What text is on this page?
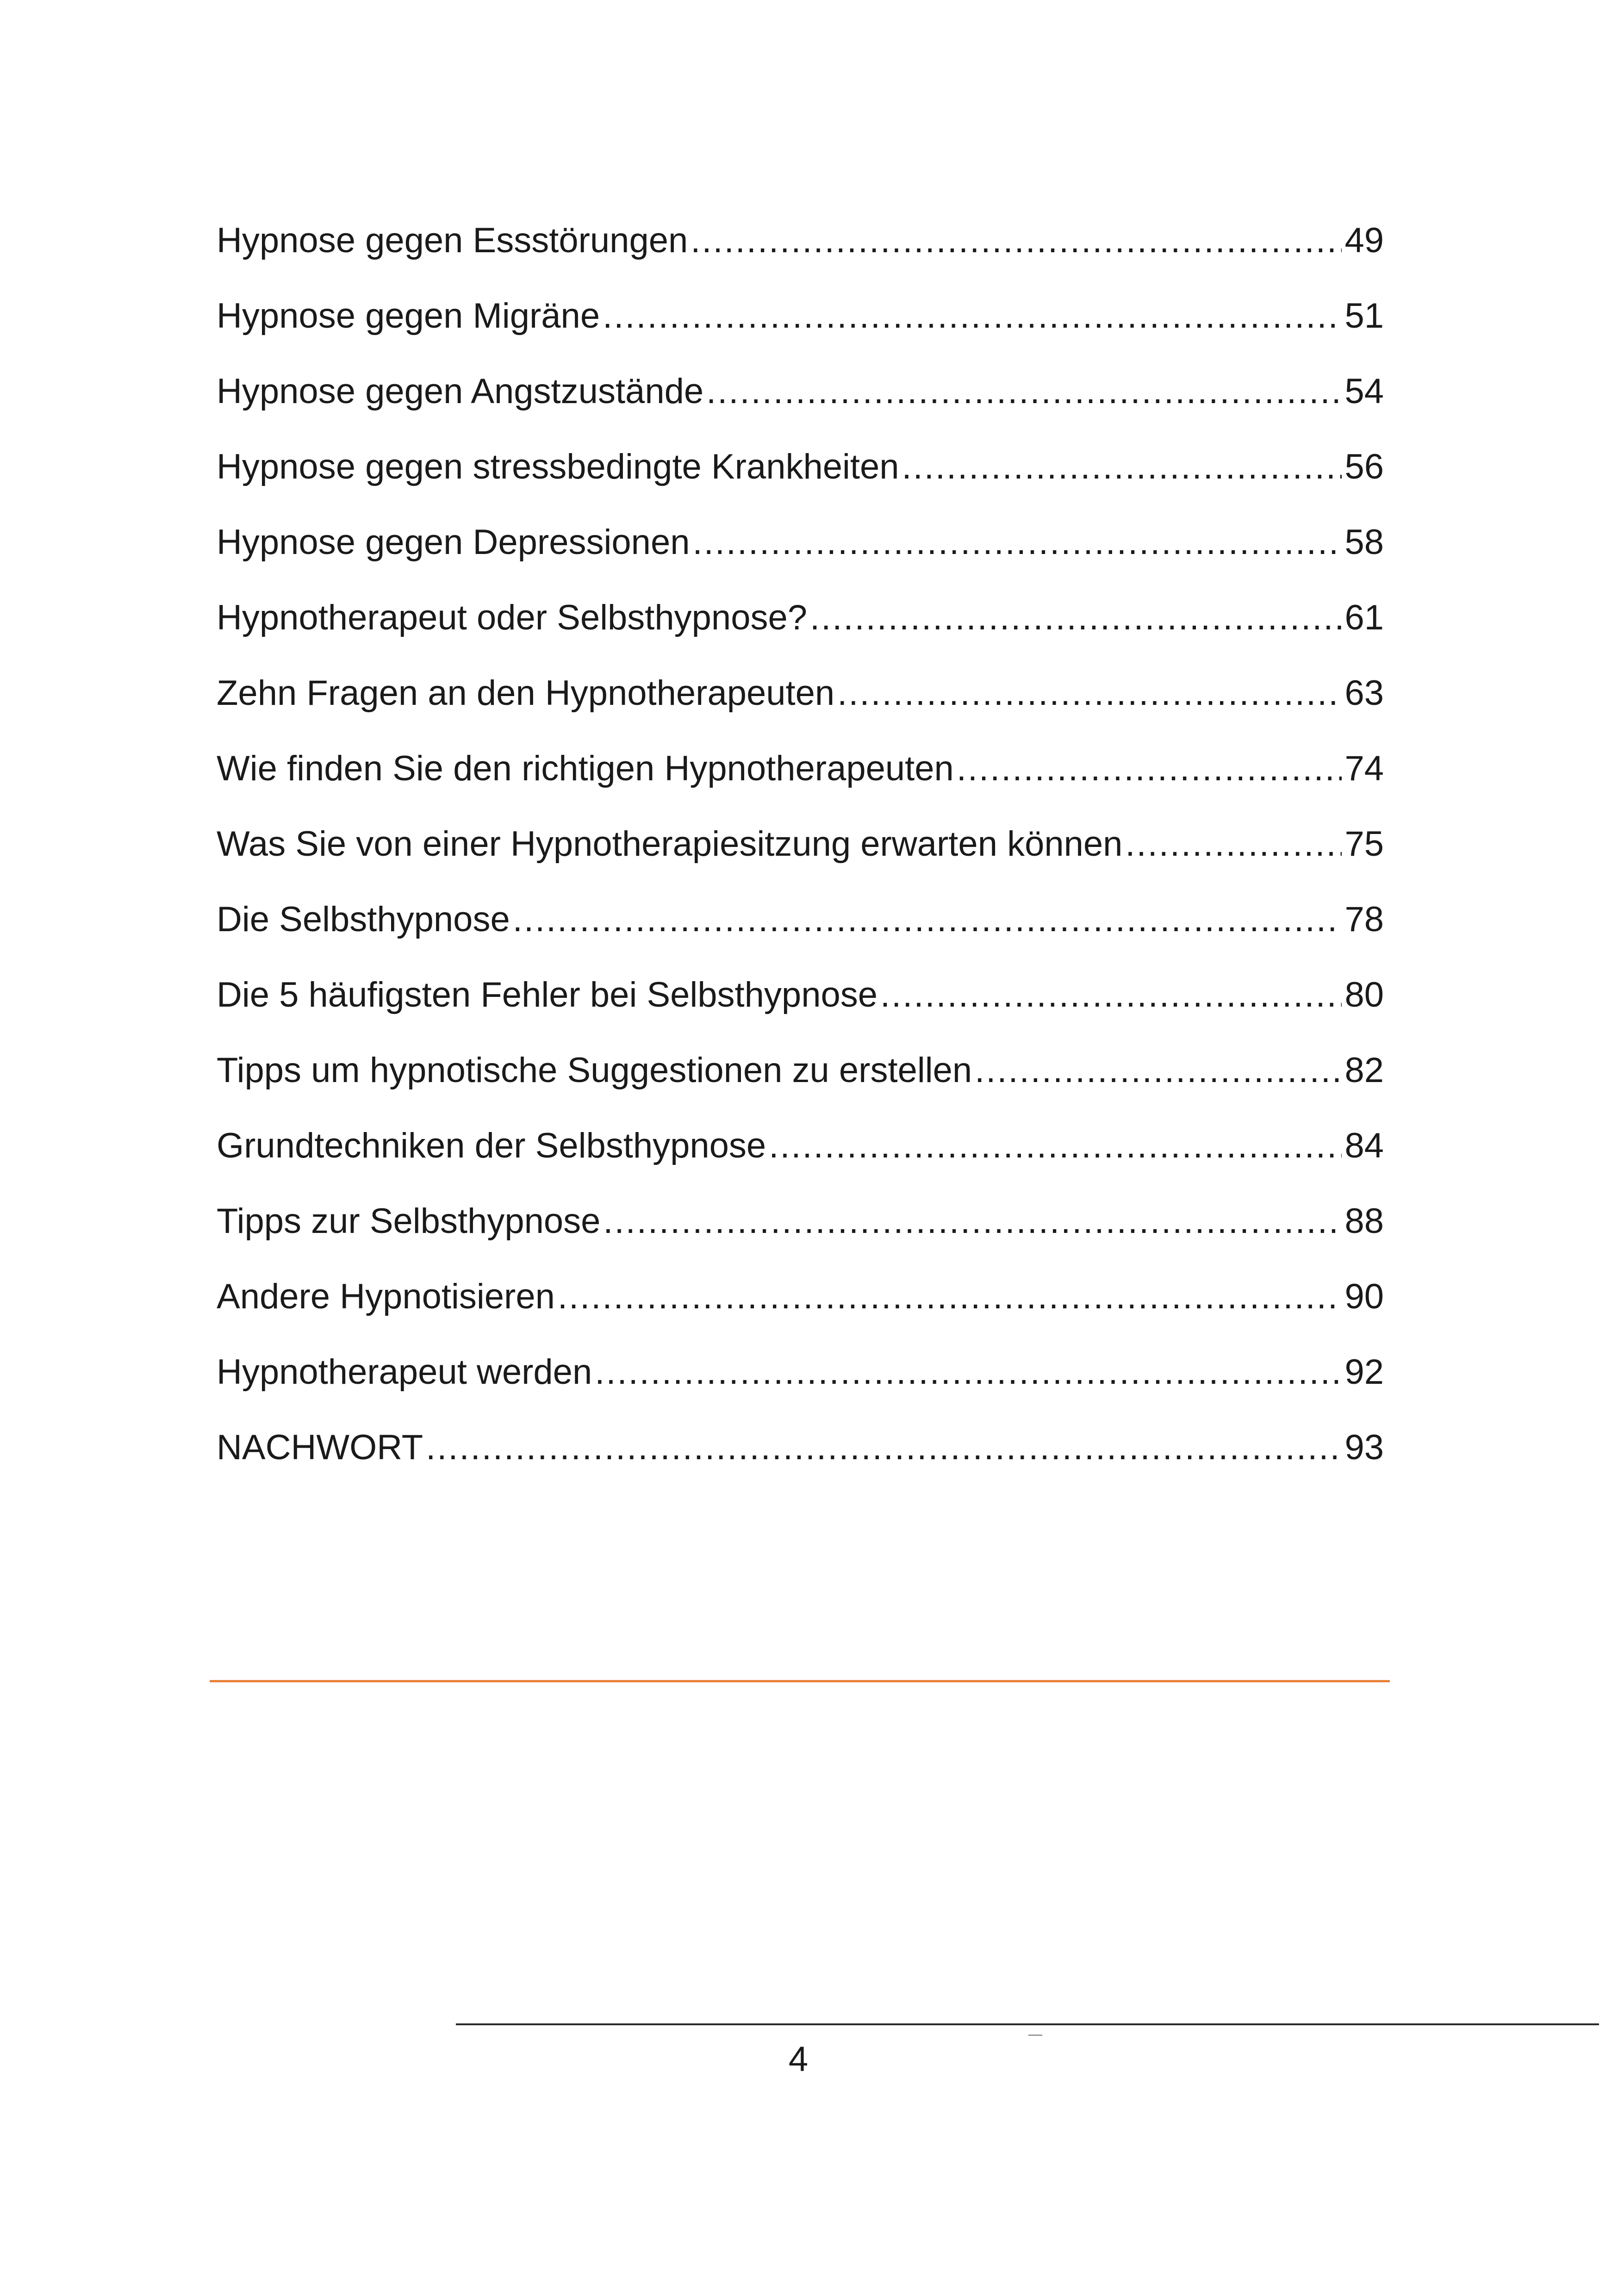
Hypnose gegen Essstörungen .....	49
Hypnose gegen Migräne .....	51
Hypnose gegen Angstzustände .....	54
Hypnose gegen stressbedingte Krankheiten .....	56
Hypnose gegen Depressionen .....	58
Hypnotherapeut oder Selbsthypnose? .....	61
Zehn Fragen an den Hypnotherapeuten .....	63
Wie finden Sie den richtigen Hypnotherapeuten .....	74
Was Sie von einer Hypnotherapiesitzung erwarten können .....	75
Die Selbsthypnose .....	78
Die 5 häufigsten Fehler bei Selbsthypnose .....	80
Tipps um hypnotische Suggestionen zu erstellen .....	82
Grundtechniken der Selbsthypnose .....	84
Tipps zur Selbsthypnose .....	88
Andere Hypnotisieren .....	90
Hypnotherapeut werden .....	92
NACHWORT .....	93
4
